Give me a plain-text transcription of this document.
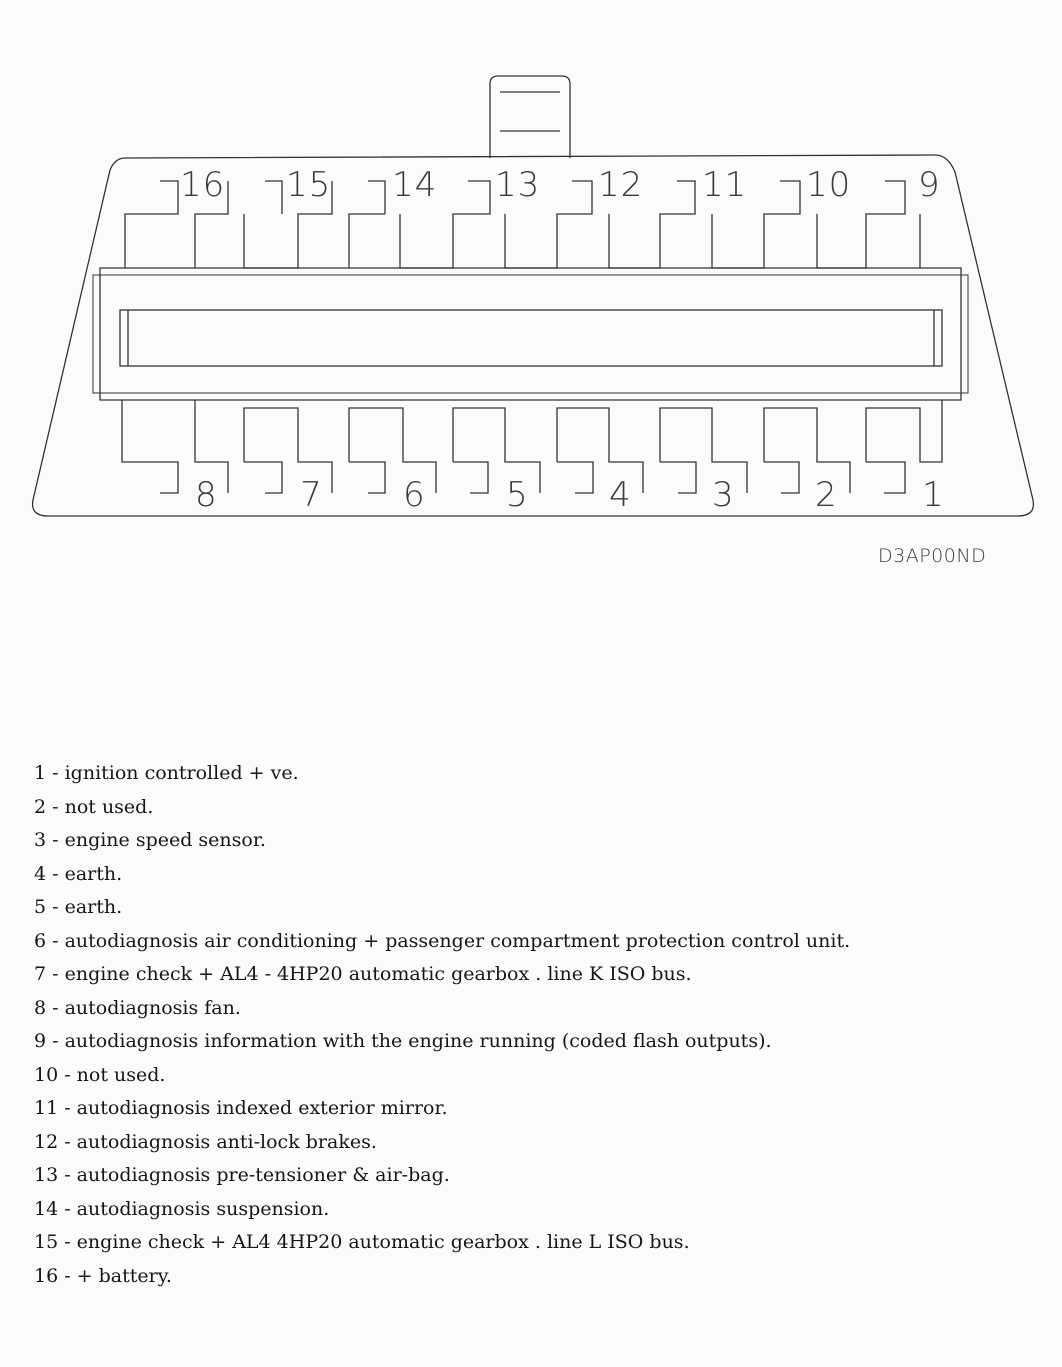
16 15 14 13 12 11 10 9
8 7 6 5 4 3 2 1
D3AP00ND
1 - ignition controlled + ve.
2 - not used.
3 - engine speed sensor.
4 - earth.
5 - earth.
6 - autodiagnosis air conditioning + passenger compartment protection control unit.
7 - engine check + AL4 - 4HP20 automatic gearbox . line K ISO bus.
8 - autodiagnosis fan.
9 - autodiagnosis information with the engine running (coded flash outputs).
10 - not used.
11 - autodiagnosis indexed exterior mirror.
12 - autodiagnosis anti-lock brakes.
13 - autodiagnosis pre-tensioner & air-bag.
14 - autodiagnosis suspension.
15 - engine check + AL4 4HP20 automatic gearbox . line L ISO bus.
16 - + battery.
